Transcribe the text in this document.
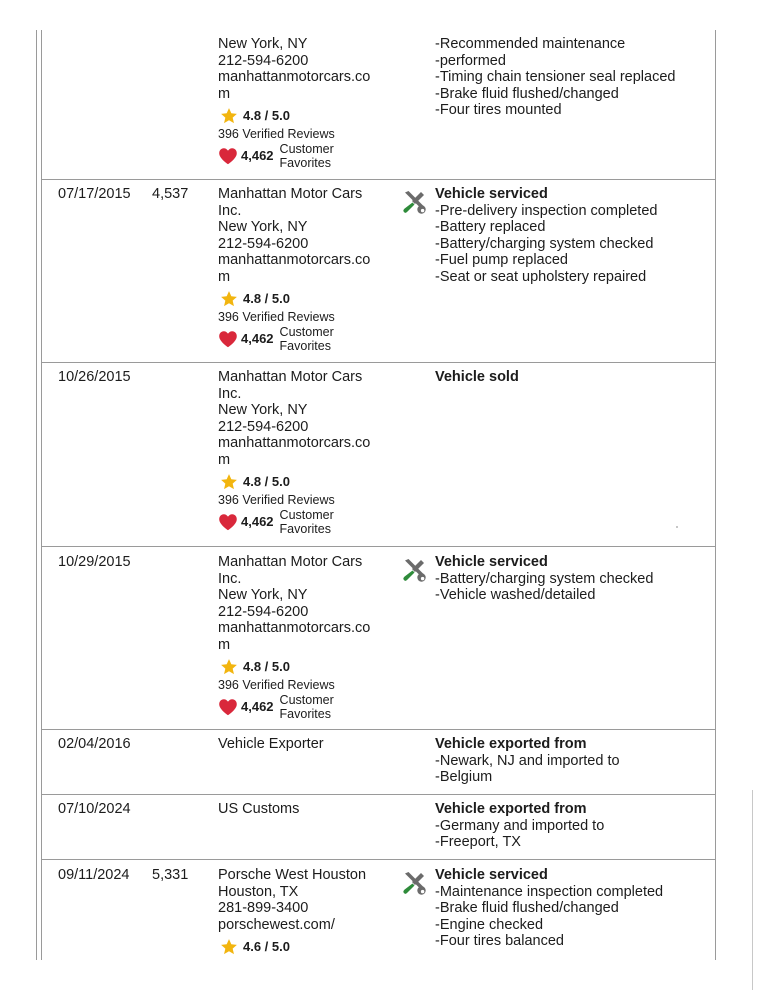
New York, NY
212-594-6200
manhattanmotorcars.co
m
4.8 / 5.0
396 Verified Reviews
4,462 Customer
Favorites
-Recommended maintenance
-performed
-Timing chain tensioner seal replaced
-Brake fluid flushed/changed
-Four tires mounted
07/17/2015 4,537 Manhattan Motor Cars
Inc.
New York, NY
212-594-6200
manhattanmotorcars.co
m
4.8 / 5.0
396 Verified Reviews
4,462 Customer
Favorites
Vehicle serviced
-Pre-delivery inspection completed
-Battery replaced
-Battery/charging system checked
-Fuel pump replaced
-Seat or seat upholstery repaired
10/26/2015	Manhattan Motor Cars
Inc.
New York, NY
212-594-6200
manhattanmotorcars.co
m
4.8 / 5.0
396 Verified Reviews
4,462 Customer
Favorites
Vehicle sold
10/29/2015	Manhattan Motor Cars
Inc.
New York, NY
212-594-6200
manhattanmotorcars.co
m
4.8 / 5.0
396 Verified Reviews
4,462 Customer
Favorites
Vehicle serviced
-Battery/charging system checked
-Vehicle washed/detailed
02/04/2016	Vehicle Exporter	Vehicle exported from
-Newark, NJ and imported to
-Belgium
07/10/2024	US Customs	Vehicle exported from
-Germany and imported to
-Freeport, TX
09/11/2024 5,331 Porsche West Houston
Houston, TX
281-899-3400
porschewest.com/
4.6 / 5.0
Vehicle serviced
-Maintenance inspection completed
-Brake fluid flushed/changed
-Engine checked
-Four tires balanced
